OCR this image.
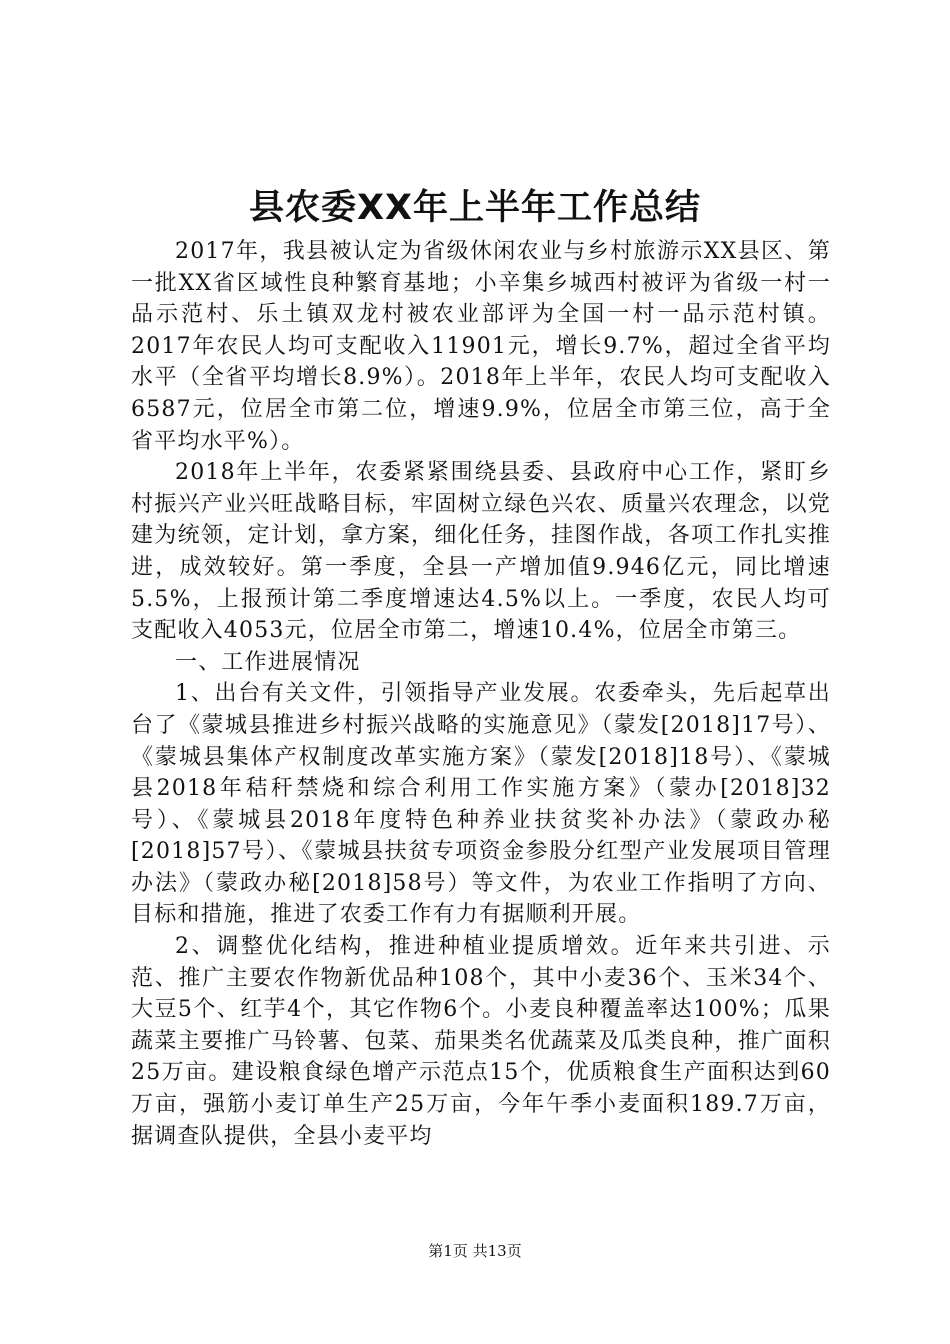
县农委XX年上半年工作总结

2017年，我县被认定为省级休闲农业与乡村旅游示XX县区、第一批XX省区域性良种繁育基地；小辛集乡城西村被评为省级一村一品示范村、乐土镇双龙村被农业部评为全国一村一品示范村镇。2017年农民人均可支配收入11901元，增长9.7%，超过全省平均水平（全省平均增长8.9%）。2018年上半年，农民人均可支配收入6587元，位居全市第二位，增速9.9%，位居全市第三位，高于全省平均水平%）。

2018年上半年，农委紧紧围绕县委、县政府中心工作，紧盯乡村振兴产业兴旺战略目标，牢固树立绿色兴农、质量兴农理念，以党建为统领，定计划，拿方案，细化任务，挂图作战，各项工作扎实推进，成效较好。第一季度，全县一产增加值9.946亿元，同比增速5.5%，上报预计第二季度增速达4.5%以上。一季度，农民人均可支配收入4053元，位居全市第二，增速10.4%，位居全市第三。

一、工作进展情况

1、出台有关文件，引领指导产业发展。农委牵头，先后起草出台了《蒙城县推进乡村振兴战略的实施意见》（蒙发[2018]17号）、《蒙城县集体产权制度改革实施方案》（蒙发[2018]18号）、《蒙城县2018年秸秆禁烧和综合利用工作实施方案》（蒙办[2018]32号）、《蒙城县2018年度特色种养业扶贫奖补办法》（蒙政办秘[2018]57号）、《蒙城县扶贫专项资金参股分红型产业发展项目管理办法》（蒙政办秘[2018]58号）等文件，为农业工作指明了方向、目标和措施，推进了农委工作有力有据顺利开展。

2、调整优化结构，推进种植业提质增效。近年来共引进、示范、推广主要农作物新优品种108个，其中小麦36个、玉米34个、大豆5个、红芋4个，其它作物6个。小麦良种覆盖率达100%；瓜果蔬菜主要推广马铃薯、包菜、茄果类名优蔬菜及瓜类良种，推广面积25万亩。建设粮食绿色增产示范点15个，优质粮食生产面积达到60万亩，强筋小麦订单生产25万亩，今年午季小麦面积189.7万亩，据调查队提供，全县小麦平均

第1页 共13页
